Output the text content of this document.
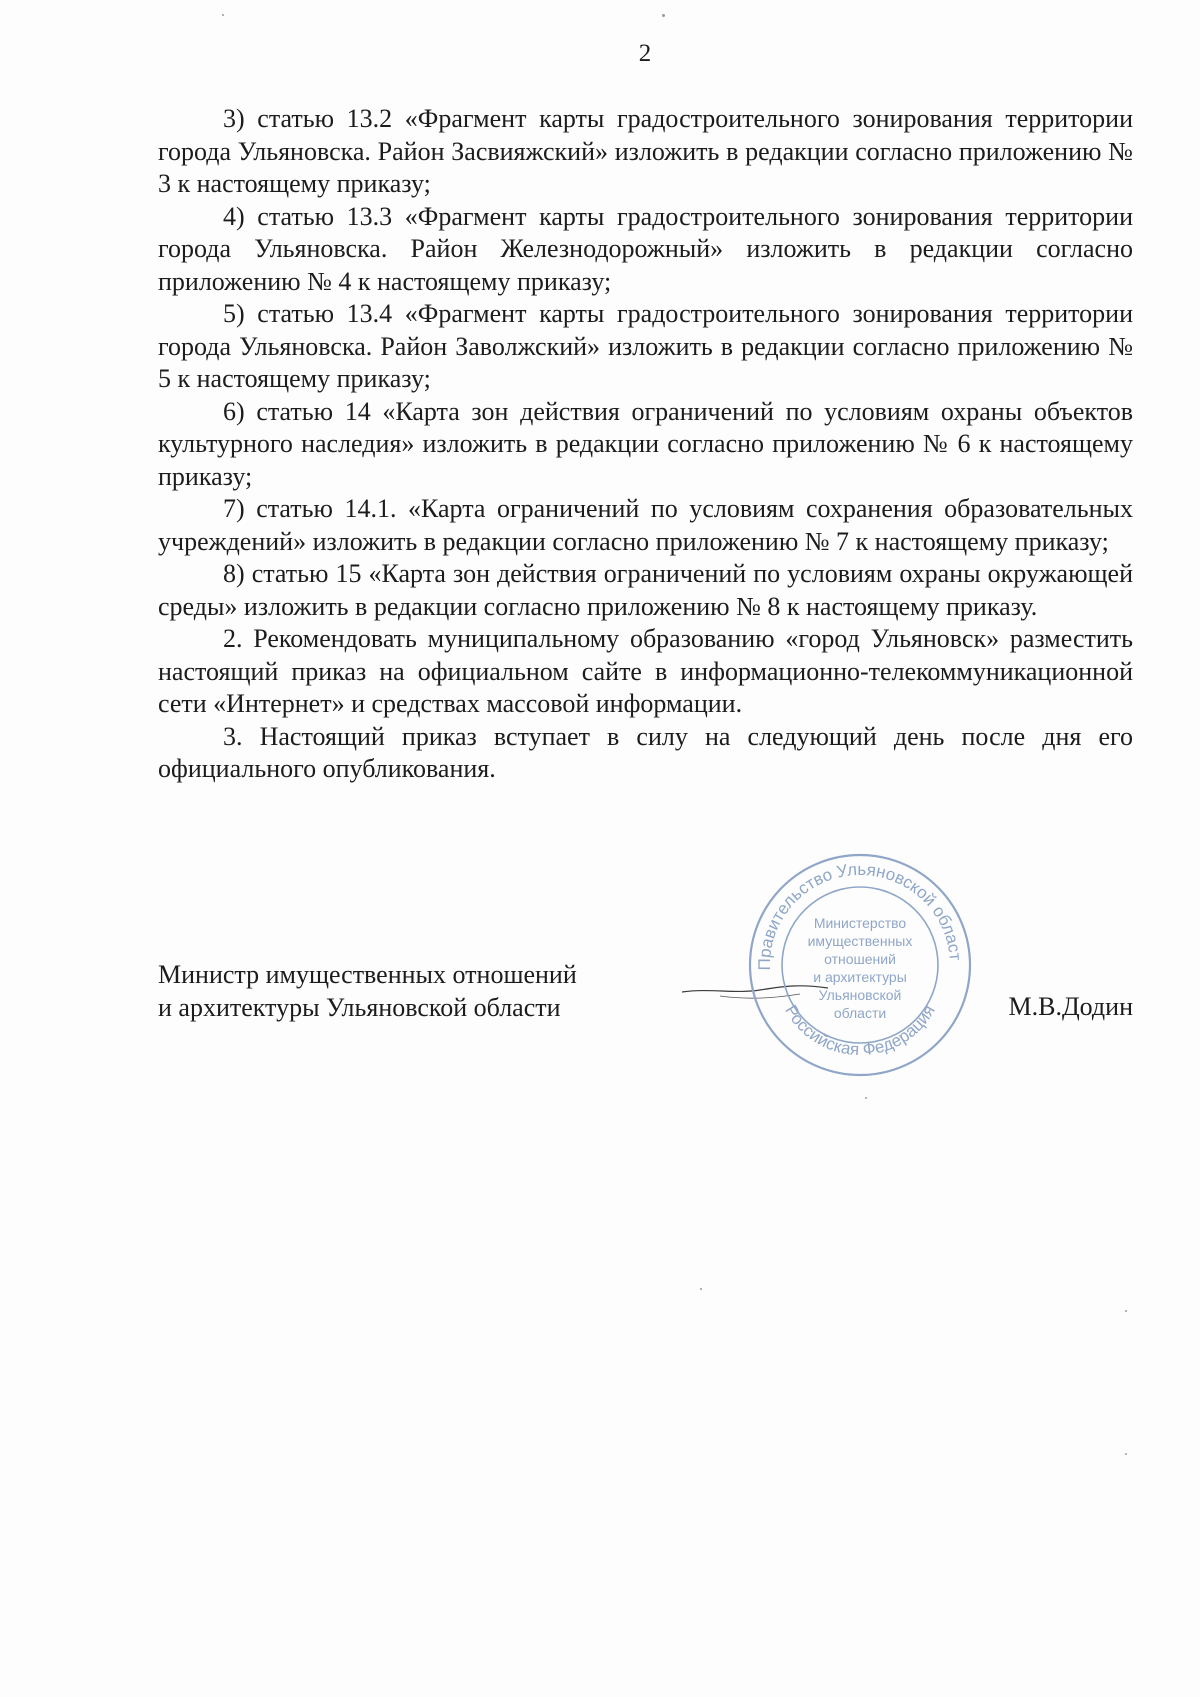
2

3) статью 13.2 «Фрагмент карты градостроительного зонирования территории города Ульяновска. Район Засвияжский» изложить в редакции согласно приложению № 3 к настоящему приказу;

4) статью 13.3 «Фрагмент карты градостроительного зонирования территории города Ульяновска. Район Железнодорожный» изложить в редакции согласно приложению № 4 к настоящему приказу;

5) статью 13.4 «Фрагмент карты градостроительного зонирования территории города Ульяновска. Район Заволжский» изложить в редакции согласно приложению № 5 к настоящему приказу;

6) статью 14 «Карта зон действия ограничений по условиям охраны объектов культурного наследия» изложить в редакции согласно приложению № 6 к настоящему приказу;

7) статью 14.1. «Карта ограничений по условиям сохранения образовательных учреждений» изложить в редакции согласно приложению № 7 к настоящему приказу;

8) статью 15 «Карта зон действия ограничений по условиям охраны окружающей среды» изложить в редакции согласно приложению № 8 к настоящему приказу.

2. Рекомендовать муниципальному образованию «город Ульяновск» разместить настоящий приказ на официальном сайте в информационно-телекоммуникационной сети «Интернет» и средствах массовой информации.

3. Настоящий приказ вступает в силу на следующий день после дня его официального опубликования.

Министр имущественных отношений
и архитектуры Ульяновской области
Правительство Ульяновской област
Российская Федерация
Министерство
имущественных
отношений
и архитектуры
Ульяновской
области	М.В.Додин
